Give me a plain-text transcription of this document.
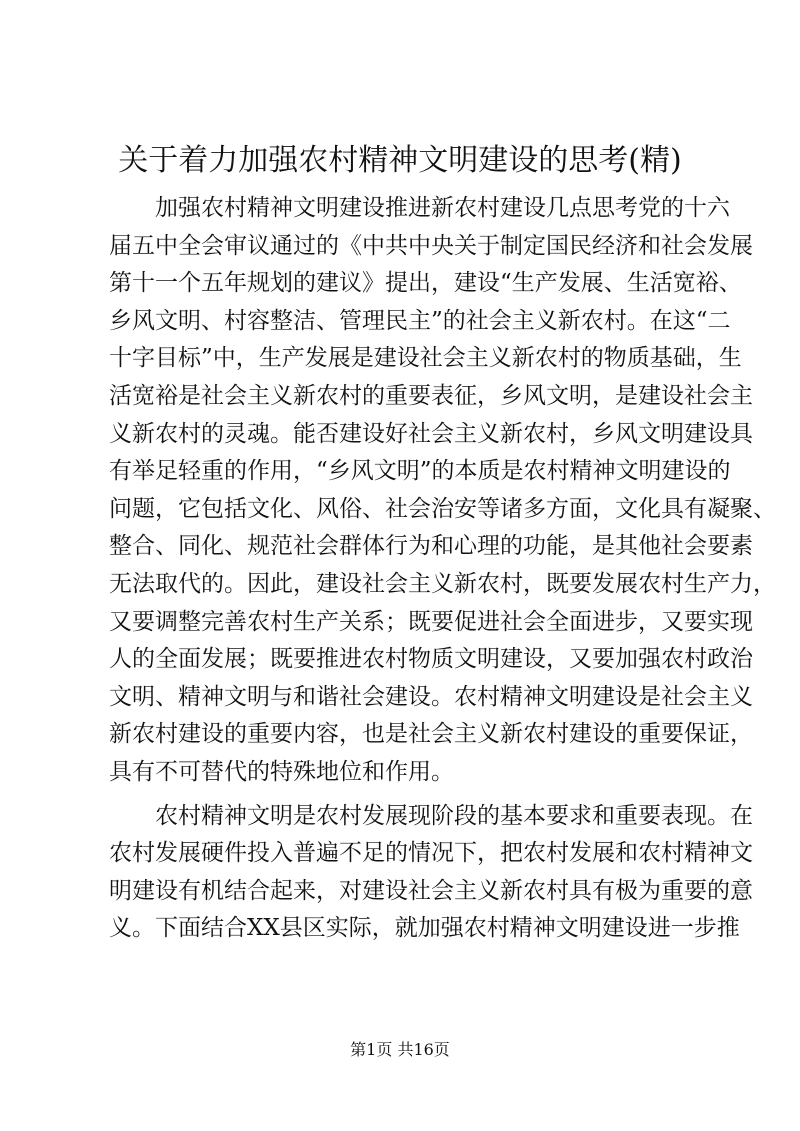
关于着力加强农村精神文明建设的思考(精)

　　加强农村精神文明建设推进新农村建设几点思考党的十六
届五中全会审议通过的《中共中央关于制定国民经济和社会发展
第十一个五年规划的建议》提出，建设“生产发展、生活宽裕、
乡风文明、村容整洁、管理民主”的社会主义新农村。在这“二
十字目标”中，生产发展是建设社会主义新农村的物质基础，生
活宽裕是社会主义新农村的重要表征，乡风文明，是建设社会主
义新农村的灵魂。能否建设好社会主义新农村，乡风文明建设具
有举足轻重的作用，“乡风文明”的本质是农村精神文明建设的
问题，它包括文化、风俗、社会治安等诸多方面，文化具有凝聚、
整合、同化、规范社会群体行为和心理的功能，是其他社会要素
无法取代的。因此，建设社会主义新农村，既要发展农村生产力，
又要调整完善农村生产关系；既要促进社会全面进步，又要实现
人的全面发展；既要推进农村物质文明建设，又要加强农村政治
文明、精神文明与和谐社会建设。农村精神文明建设是社会主义
新农村建设的重要内容，也是社会主义新农村建设的重要保证，
具有不可替代的特殊地位和作用。

　　农村精神文明是农村发展现阶段的基本要求和重要表现。在
农村发展硬件投入普遍不足的情况下，把农村发展和农村精神文
明建设有机结合起来，对建设社会主义新农村具有极为重要的意
义。下面结合XX县区实际，就加强农村精神文明建设进一步推

第1页 共16页
